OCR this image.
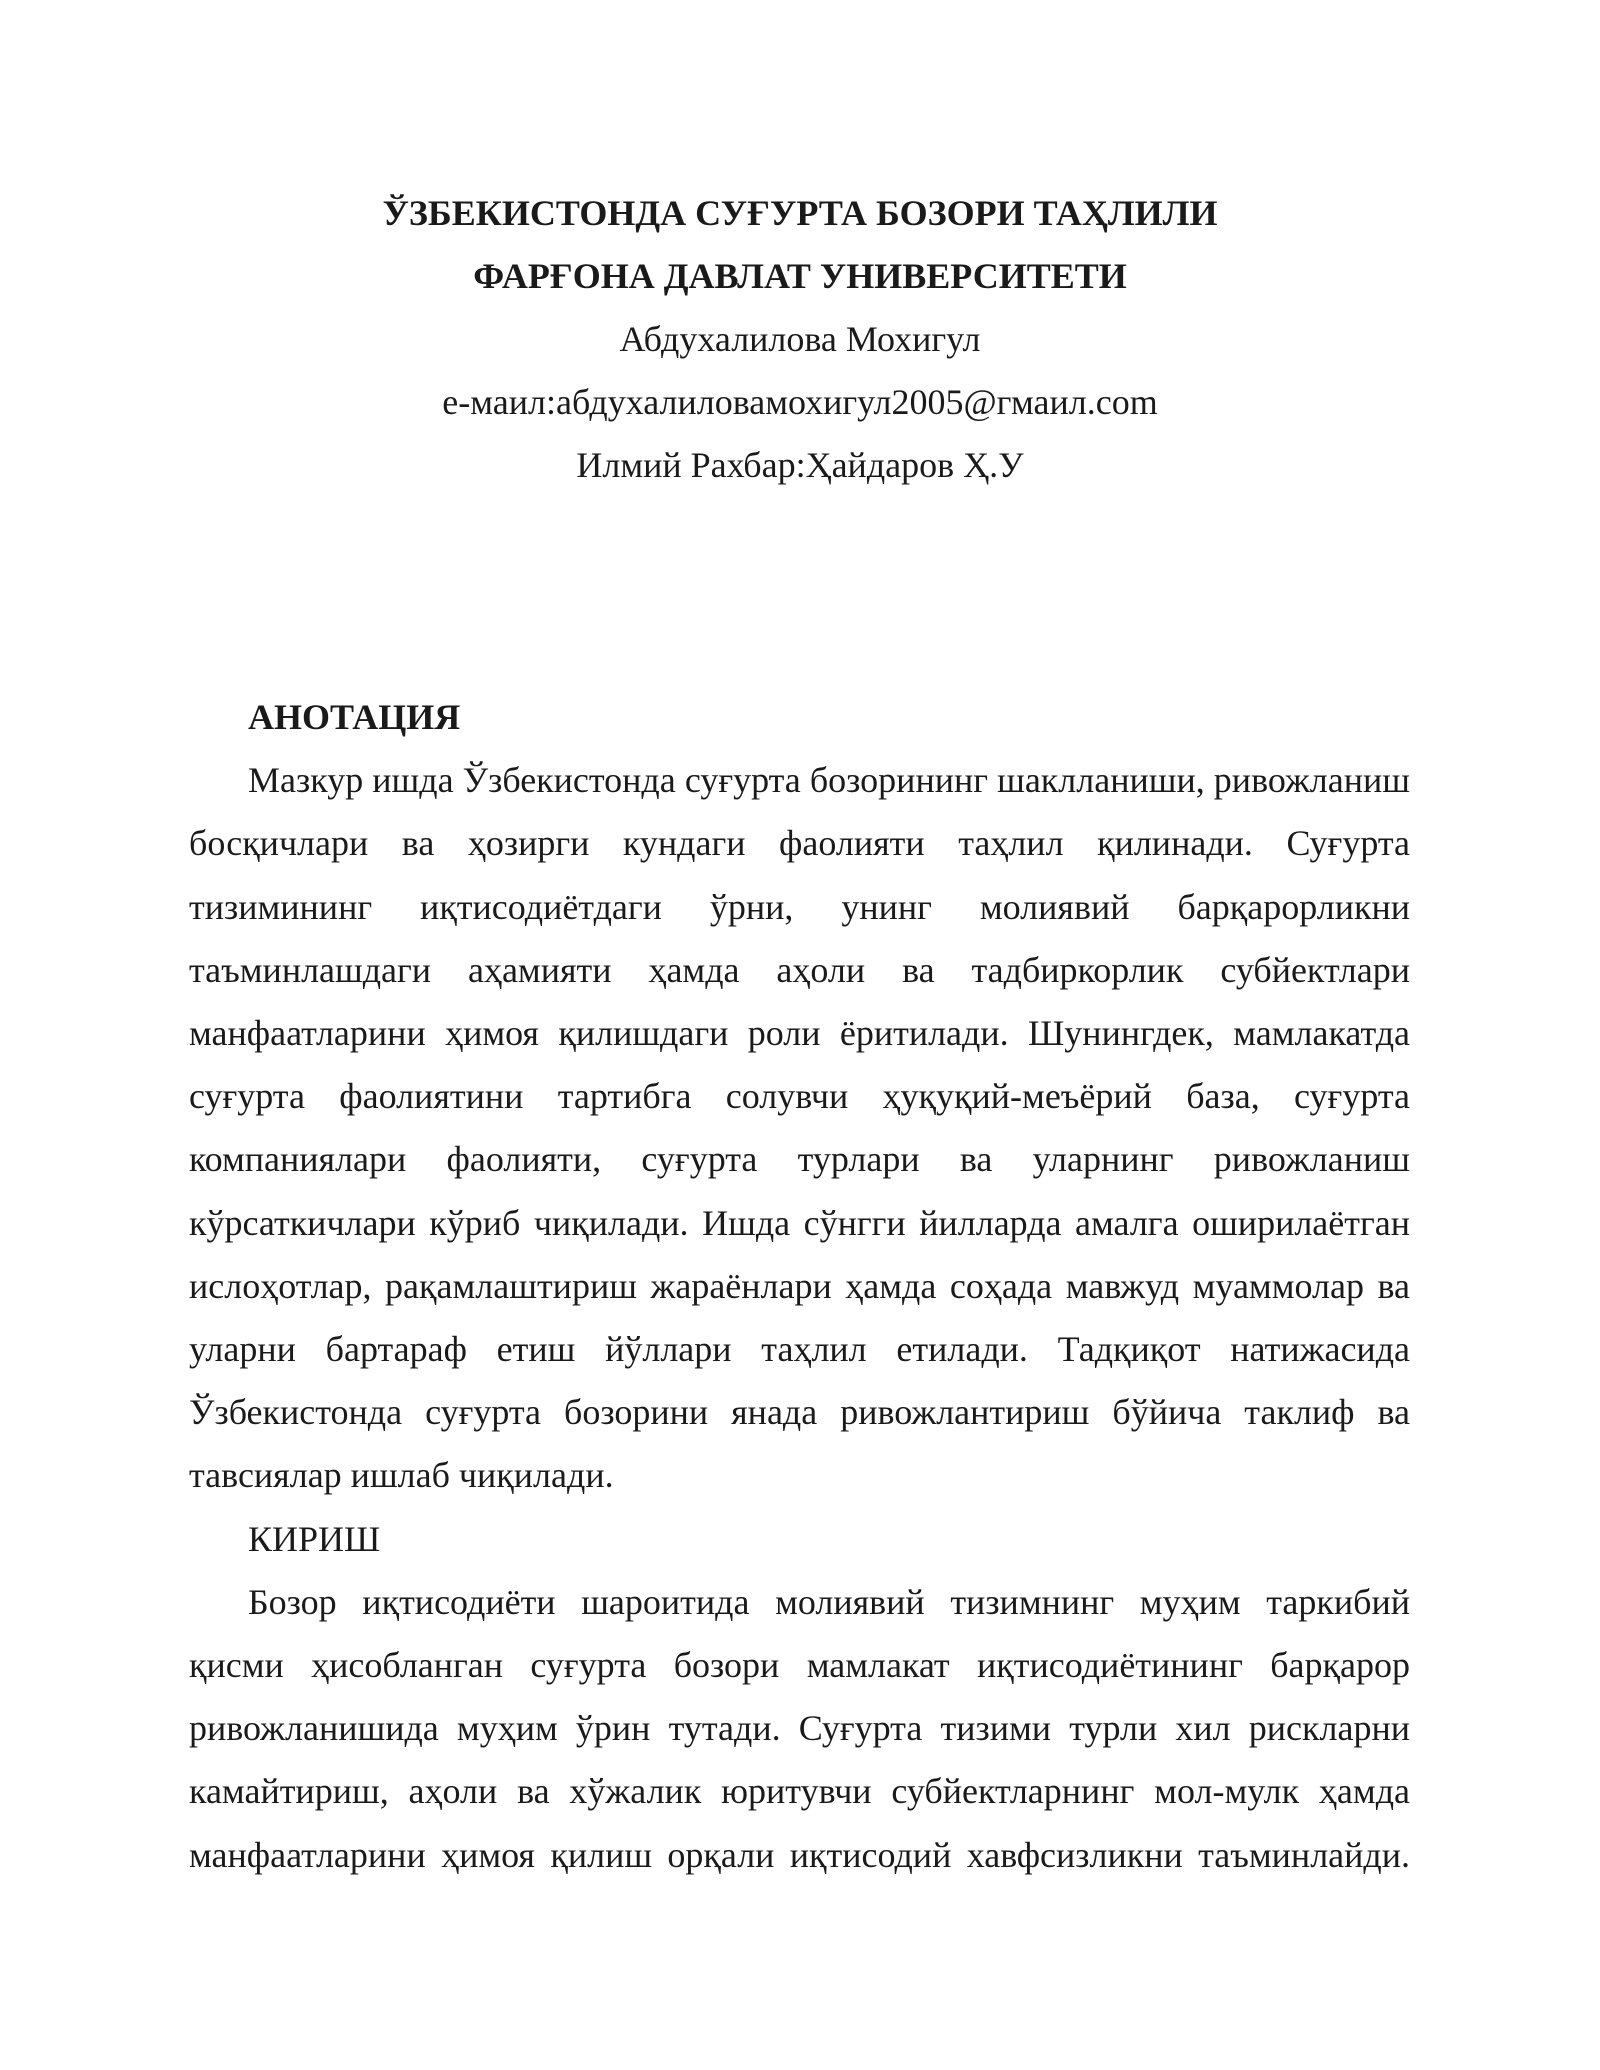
ЎЗБЕКИСТОНДА СУҒУРТА БОЗОРИ ТАҲЛИЛИ
ФАРҒОНА ДАВЛАТ УНИВЕРСИТЕТИ
Абдухалилова Мохигул
е-маил:абдухалиловамохигул2005@гмаил.com
Илмий Рахбар:Ҳайдаров Ҳ.У
АНОТАЦИЯ

Мазкур ишда Ўзбекистонда суғурта бозорининг шаклланиши, ривожланиш босқичлари ва ҳозирги кундаги фаолияти таҳлил қилинади. Суғурта тизимининг иқтисодиётдаги ўрни, унинг молиявий барқарорликни таъминлашдаги аҳамияти ҳамда аҳоли ва тадбиркорлик субйектлари манфаатларини ҳимоя қилишдаги роли ёритилади. Шунингдек, мамлакатда суғурта фаолиятини тартибга солувчи ҳуқуқий-меъёрий база, суғурта компаниялари фаолияти, суғурта турлари ва уларнинг ривожланиш кўрсаткичлари кўриб чиқилади. Ишда сўнгги йилларда амалга оширилаётган ислоҳотлар, рақамлаштириш жараёнлари ҳамда соҳада мавжуд муаммолар ва уларни бартараф етиш йўллари таҳлил етилади. Тадқиқот натижасида Ўзбекистонда суғурта бозорини янада ривожлантириш бўйича таклиф ва тавсиялар ишлаб чиқилади.

КИРИШ

Бозор иқтисодиёти шароитида молиявий тизимнинг муҳим таркибий қисми ҳисобланган суғурта бозори мамлакат иқтисодиётининг барқарор ривожланишида муҳим ўрин тутади. Суғурта тизими турли хил рискларни камайтириш, аҳоли ва хўжалик юритувчи субйектларнинг мол-мулк ҳамда манфаатларини ҳимоя қилиш орқали иқтисодий хавфсизликни таъминлайди.
